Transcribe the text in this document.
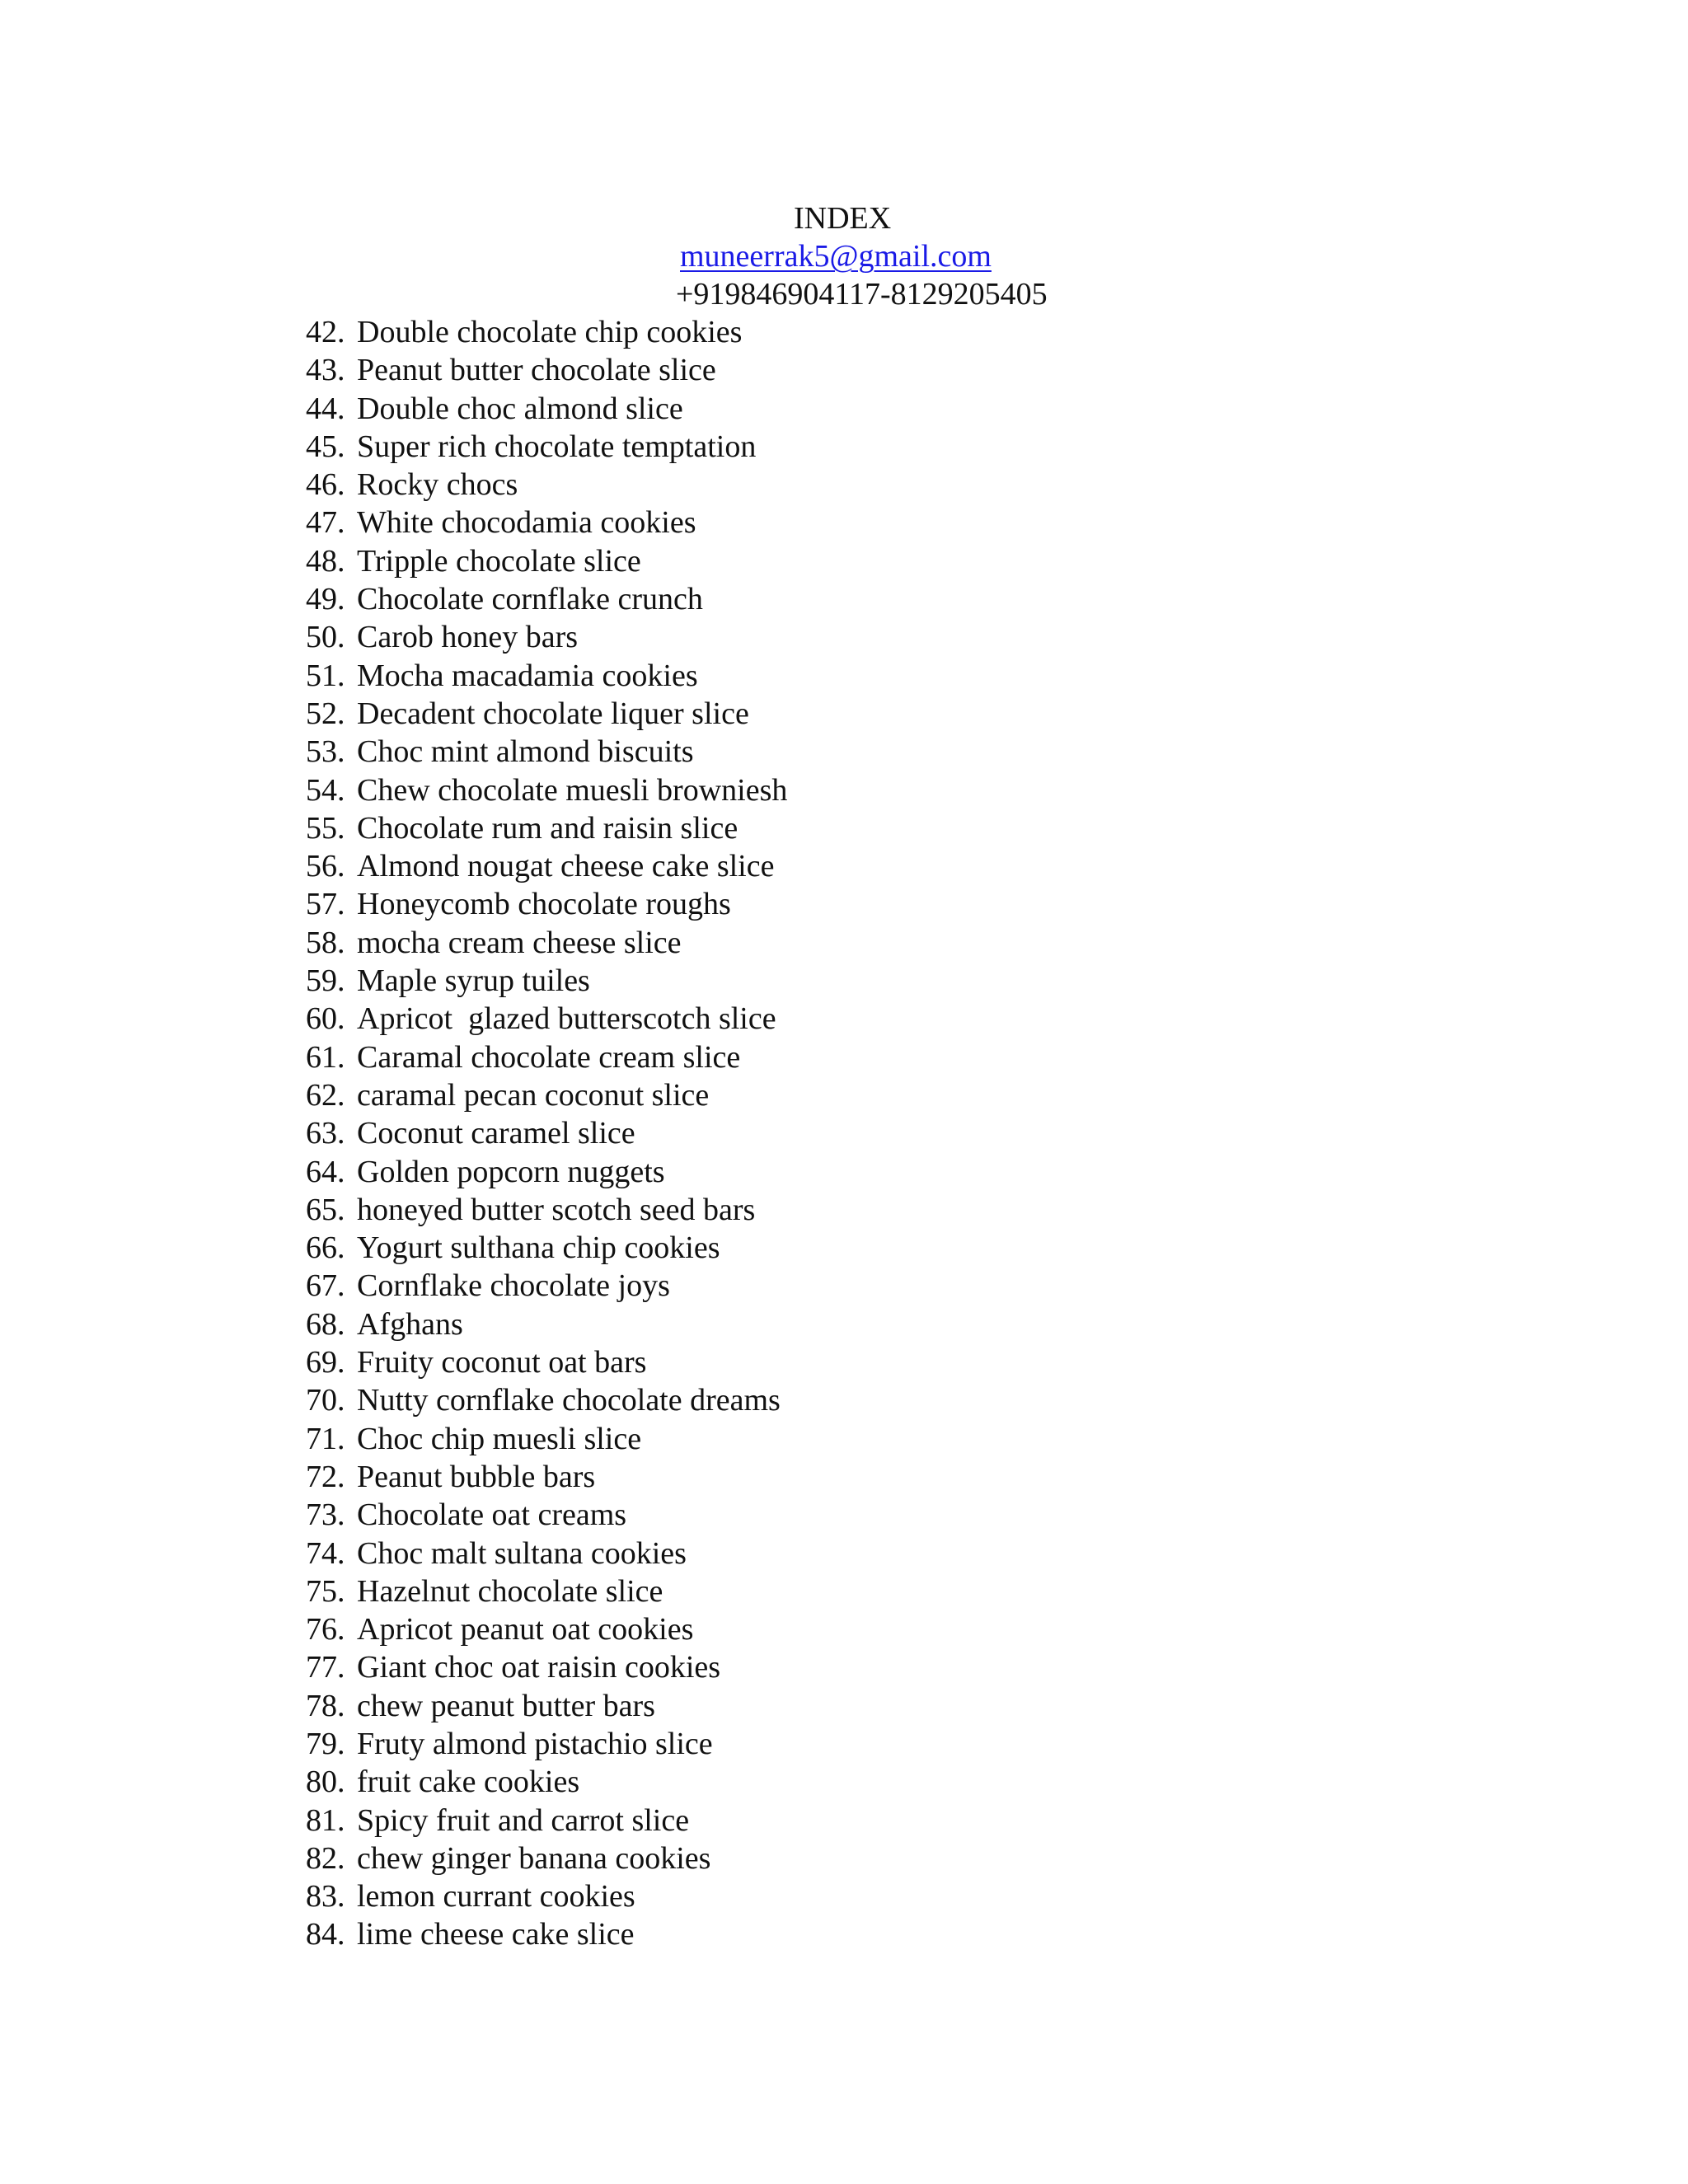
INDEX
muneerrak5@gmail.com
+919846904117-8129205405
42. Double chocolate chip cookies
43. Peanut butter chocolate slice
44. Double choc almond slice
45. Super rich chocolate temptation
46. Rocky chocs
47. White chocodamia cookies
48. Tripple chocolate slice
49. Chocolate cornflake crunch
50. Carob honey bars
51. Mocha macadamia cookies
52. Decadent chocolate liquer slice
53. Choc mint almond biscuits
54. Chew chocolate muesli browniesh
55. Chocolate rum and raisin slice
56. Almond nougat cheese cake slice
57. Honeycomb chocolate roughs
58. mocha cream cheese slice
59. Maple syrup tuiles
60. Apricot  glazed butterscotch slice
61. Caramal chocolate cream slice
62. caramal pecan coconut slice
63. Coconut caramel slice
64. Golden popcorn nuggets
65. honeyed butter scotch seed bars
66. Yogurt sulthana chip cookies
67. Cornflake chocolate joys
68. Afghans
69. Fruity coconut oat bars
70. Nutty cornflake chocolate dreams
71. Choc chip muesli slice
72. Peanut bubble bars
73. Chocolate oat creams
74. Choc malt sultana cookies
75. Hazelnut chocolate slice
76. Apricot peanut oat cookies
77. Giant choc oat raisin cookies
78. chew peanut butter bars
79. Fruty almond pistachio slice
80. fruit cake cookies
81. Spicy fruit and carrot slice
82. chew ginger banana cookies
83. lemon currant cookies
84. lime cheese cake slice
